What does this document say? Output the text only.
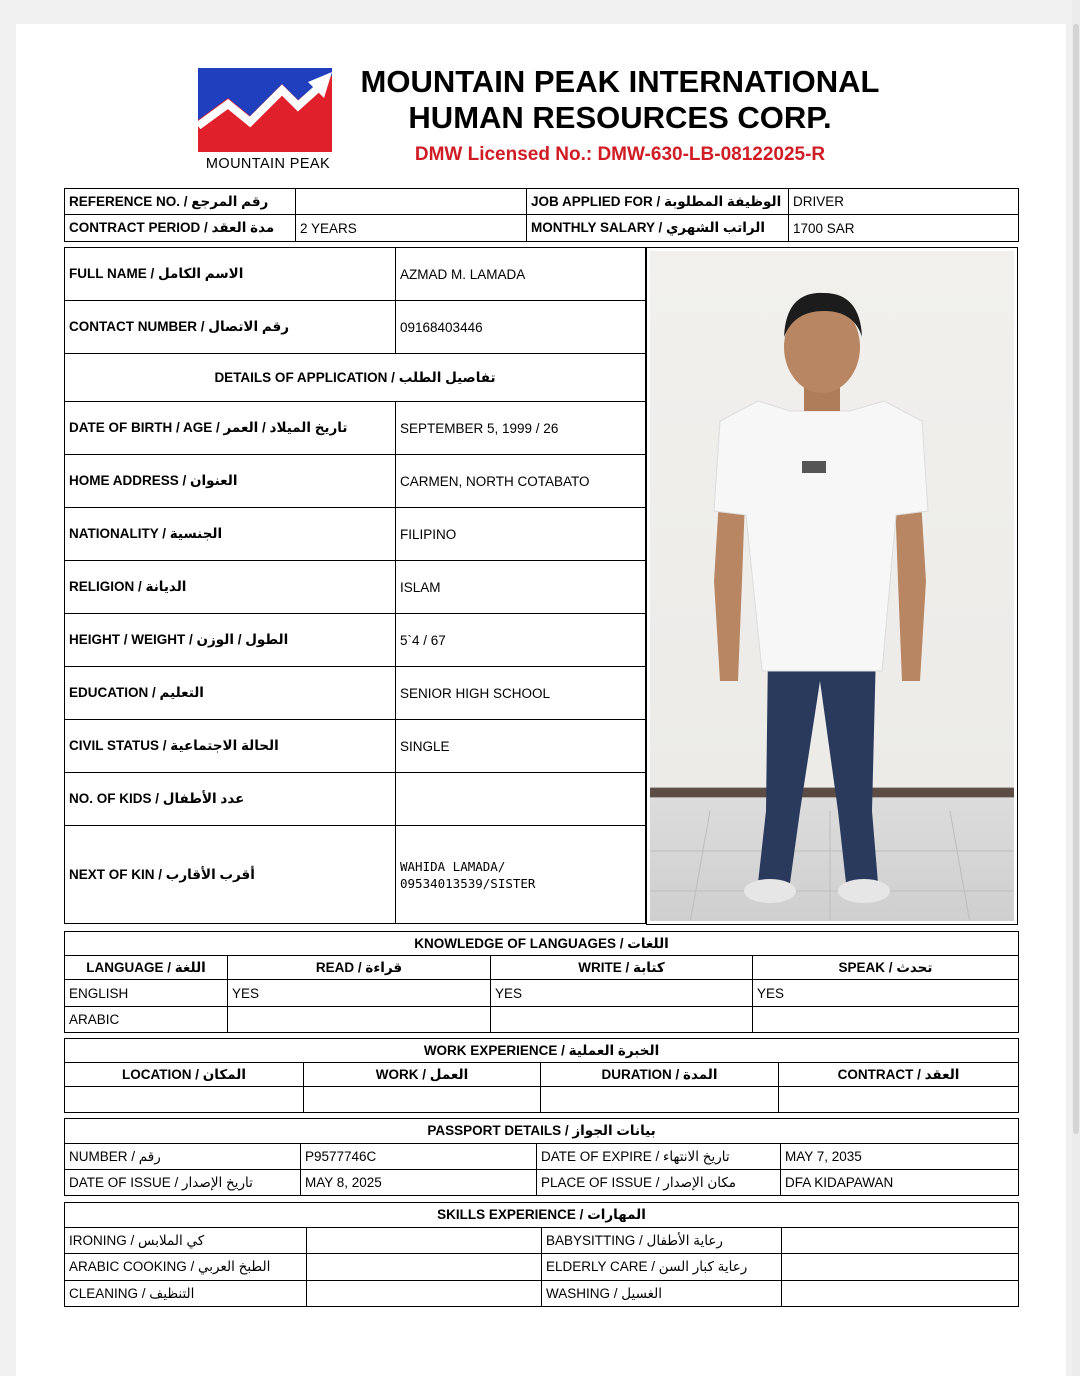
MOUNTAIN PEAK
MOUNTAIN PEAK INTERNATIONAL
HUMAN RESOURCES CORP.
DMW Licensed No.: DMW-630-LB-08122025-R
REFERENCE NO. / رقم المرجع		JOB APPLIED FOR / الوظيفة المطلوبة	DRIVER
CONTRACT PERIOD / مدة العقد	2 YEARS	MONTHLY SALARY / الراتب الشهري	1700 SAR
FULL NAME / الاسم الكامل	AZMAD M. LAMADA
CONTACT NUMBER / رقم الاتصال	09168403446
DETAILS OF APPLICATION / تفاصيل الطلب	
DATE OF BIRTH / AGE / تاريخ الميلاد / العمر	SEPTEMBER 5, 1999 / 26
HOME ADDRESS / العنوان	CARMEN, NORTH COTABATO
NATIONALITY / الجنسية	FILIPINO
RELIGION / الديانة	ISLAM
HEIGHT / WEIGHT / الطول / الوزن	5`4 / 67
EDUCATION / التعليم	SENIOR HIGH SCHOOL
CIVIL STATUS / الحالة الاجتماعية	SINGLE
NO. OF KIDS / عدد الأطفال	
NEXT OF KIN / أقرب الأقارب	WAHIDA LAMADA/
09534013539/SISTER
KNOWLEDGE OF LANGUAGES / اللغات			
LANGUAGE / اللغة	READ / قراءة	WRITE / كتابة	SPEAK / تحدث
ENGLISH	YES	YES	YES
ARABIC			
WORK EXPERIENCE / الخبرة العملية			
LOCATION / المكان	WORK / العمل	DURATION / المدة	CONTRACT / العقد

PASSPORT DETAILS / بيانات الجواز			
NUMBER / رقم	P9577746C	DATE OF EXPIRE / تاريخ الانتهاء	MAY 7, 2035
DATE OF ISSUE / تاريخ الإصدار	MAY 8, 2025	PLACE OF ISSUE / مكان الإصدار	DFA KIDAPAWAN
SKILLS EXPERIENCE / المهارات			
IRONING / كي الملابس		BABYSITTING / رعاية الأطفال	
ARABIC COOKING / الطبخ العربي		ELDERLY CARE / رعاية كبار السن	
CLEANING / التنظيف		WASHING / الغسيل	
